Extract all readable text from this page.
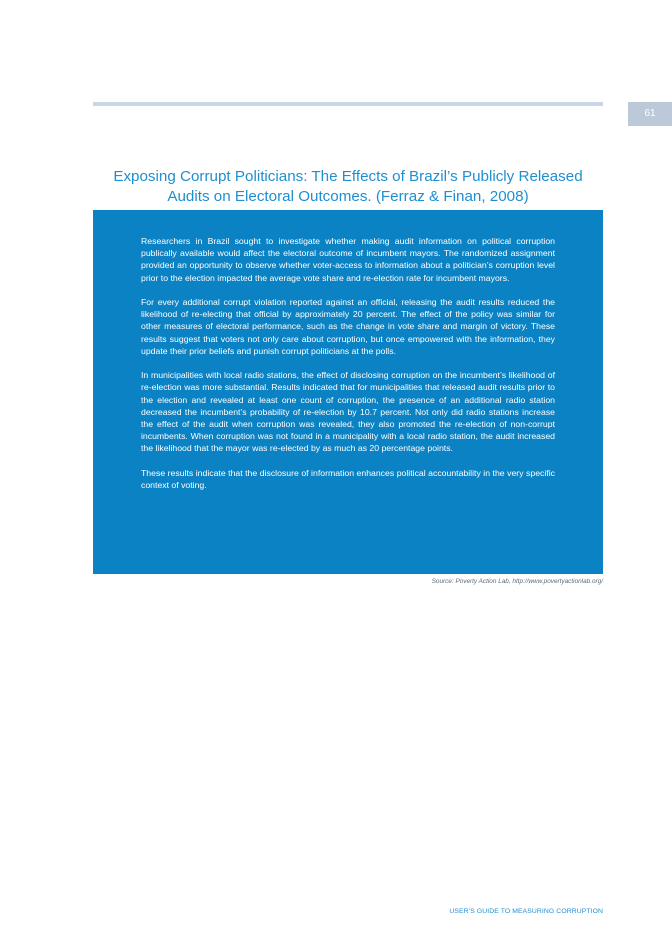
61
Exposing Corrupt Politicians: The Effects of Brazil’s Publicly Released
Audits on Electoral Outcomes. (Ferraz & Finan, 2008)

Researchers in Brazil sought to investigate whether making audit information on political corruption publically available would affect the electoral outcome of incumbent mayors. The randomized assignment provided an opportunity to observe whether voter-access to information about a politician’s corruption level prior to the election impacted the average vote share and re-election rate for incumbent mayors.

For every additional corrupt violation reported against an official, releasing the audit results reduced the likelihood of re-electing that official by approximately 20 percent. The effect of the policy was similar for other measures of electoral performance, such as the change in vote share and margin of victory. These results suggest that voters not only care about corruption, but once empowered with the information, they update their prior beliefs and punish corrupt politicians at the polls.

In municipalities with local radio stations, the effect of disclosing corruption on the incumbent’s likelihood of re-election was more substantial. Results indicated that for municipalities that released audit results prior to the election and revealed at least one count of corruption, the presence of an additional radio station decreased the incumbent’s probability of re-election by 10.7 percent. Not only did radio stations increase the effect of the audit when corruption was revealed, they also promoted the re-election of non-corrupt incumbents. When corruption was not found in a municipality with a local radio station, the audit increased the likelihood that the mayor was re-elected by as much as 20 percentage points.

These results indicate that the disclosure of information enhances political accountability in the very specific context of voting.

Source: Poverty Action Lab, http://www.povertyactionlab.org/
USER’S GUIDE TO MEASURING CORRUPTION
